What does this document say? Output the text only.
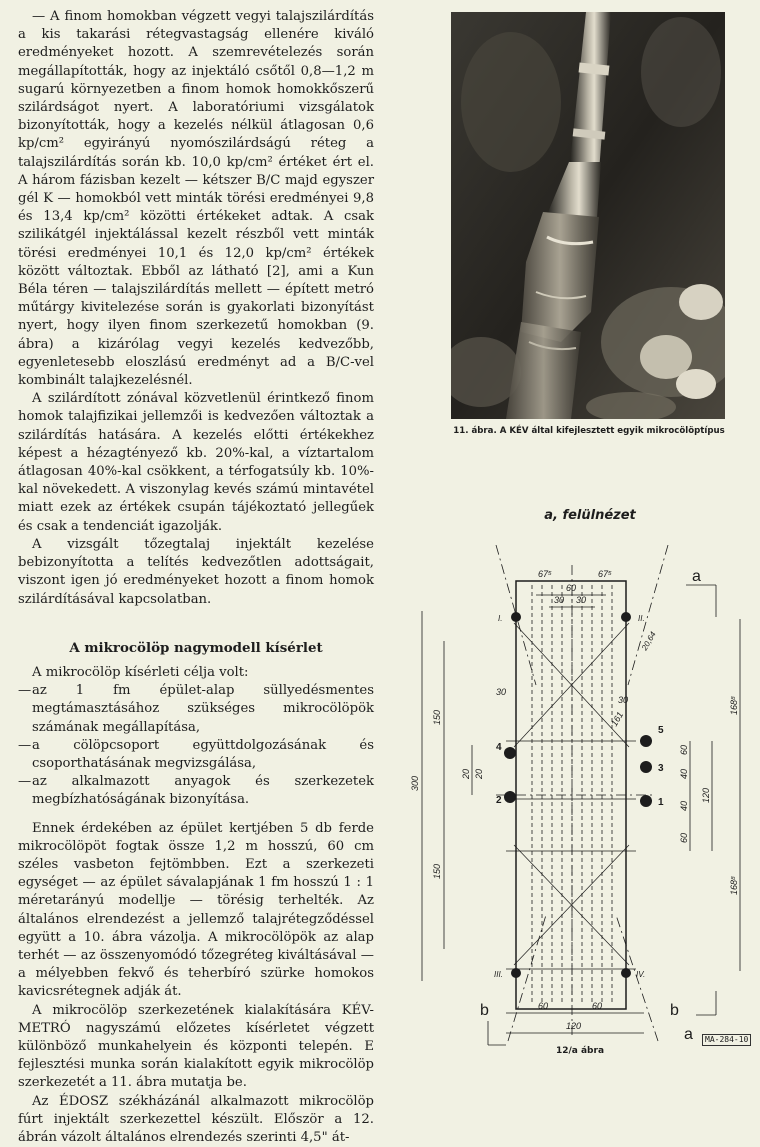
— A finom homokban végzett vegyi talajszilárdítás a kis takarási rétegvastagság ellenére kiváló eredményeket hozott. A szemrevételezés során megállapították, hogy az injektáló csőtől 0,8—1,2 m sugarú környezetben a finom homok homokkőszerű szilárdságot nyert. A laboratóriumi vizsgálatok bizonyították, hogy a kezelés nélkül átlagosan 0,6 kp/cm² egyirányú nyomószilárdságú réteg a talajszilárdítás során kb. 10,0 kp/cm² értéket ért el. A három fázisban kezelt — kétszer B/C majd egyszer gél K — homokból vett minták törési eredményei 9,8 és 13,4 kp/cm² közötti értékeket adtak. A csak szilikátgél injektálással kezelt részből vett minták törési eredményei 10,1 és 12,0 kp/cm² értékek között változtak. Ebből az látható [2], ami a Kun Béla téren — talajszilárdítás mellett — épített metró műtárgy kivitelezése során is gyakorlati bizonyítást nyert, hogy ilyen finom szerkezetű homokban (9. ábra) a kizárólag vegyi kezelés kedvezőbb, egyenletesebb eloszlású eredményt ad a B/C-vel kombinált talajkezelésnél.

A szilárdított zónával közvetlenül érintkező finom homok talajfizikai jellemzői is kedvezően változtak a szilárdítás hatására. A kezelés előtti értékekhez képest a hézagtényező kb. 20%-kal, a víztartalom átlagosan 40%-kal csökkent, a térfogatsúly kb. 10%-kal növekedett. A viszonylag kevés számú mintavétel miatt ezek az értékek csupán tájékoztató jellegűek és csak a tendenciát igazolják.

A vizsgált tőzegtalaj injektált kezelése bebizonyította a telítés kedvezőtlen adottságait, viszont igen jó eredményeket hozott a finom homok szilárdításával kapcsolatban.

A mikrocölöp nagymodell kísérlet

A mikrocölöp kísérleti célja volt:

— az 1 fm épület-alap süllyedésmentes megtámasztásához szükséges mikrocölöpök számának megállapítása,
— a cölöpcsoport együttdolgozásának és csoporthatásának megvizsgálása,
— az alkalmazott anyagok és szerkezetek megbízhatóságának bizonyítása.

Ennek érdekében az épület kertjében 5 db ferde mikrocölöpöt fogtak össze 1,2 m hosszú, 60 cm széles vasbeton fejtömbben. Ezt a szerkezeti egységet — az épület sávalapjának 1 fm hosszú 1 : 1 méretarányú modellje — törésig terhelték. Az általános elrendezést a jellemző talajrétegződéssel együtt a 10. ábra vázolja. A mikrocölöpök az alap terhét — az összenyomódó tőzegréteg kiváltásával — a mélyebben fekvő és teherbíró szürke homokos kavicsrétegnek adják át.

A mikrocölöp szerkezetének kialakítására KÉV-METRÓ nagyszámú előzetes kísérletet végzett különböző munkahelyein és központi telepén. E fejlesztési munka során kialakított egyik mikrocölöp szerkezetét a 11. ábra mutatja be.

Az ÉDOSZ székházánál alkalmazott mikrocölöp fúrt injektált szerkezettel készült. Először a 12. ábrán vázolt általános elrendezés szerinti 4,5" át-

11. ábra. A KÉV által kifejlesztett egyik mikrocölöptípus
a, felülnézet
1
2
3
4
5
I.	II.
III.	IV.
67⁵
60
67⁵
30 30
300
150
150
20 20
60
40
40
60
120
168⁸
168⁸
30
30
161
20,64
60	60
120
a
a
b	b
MA-284-10
12/a ábra
